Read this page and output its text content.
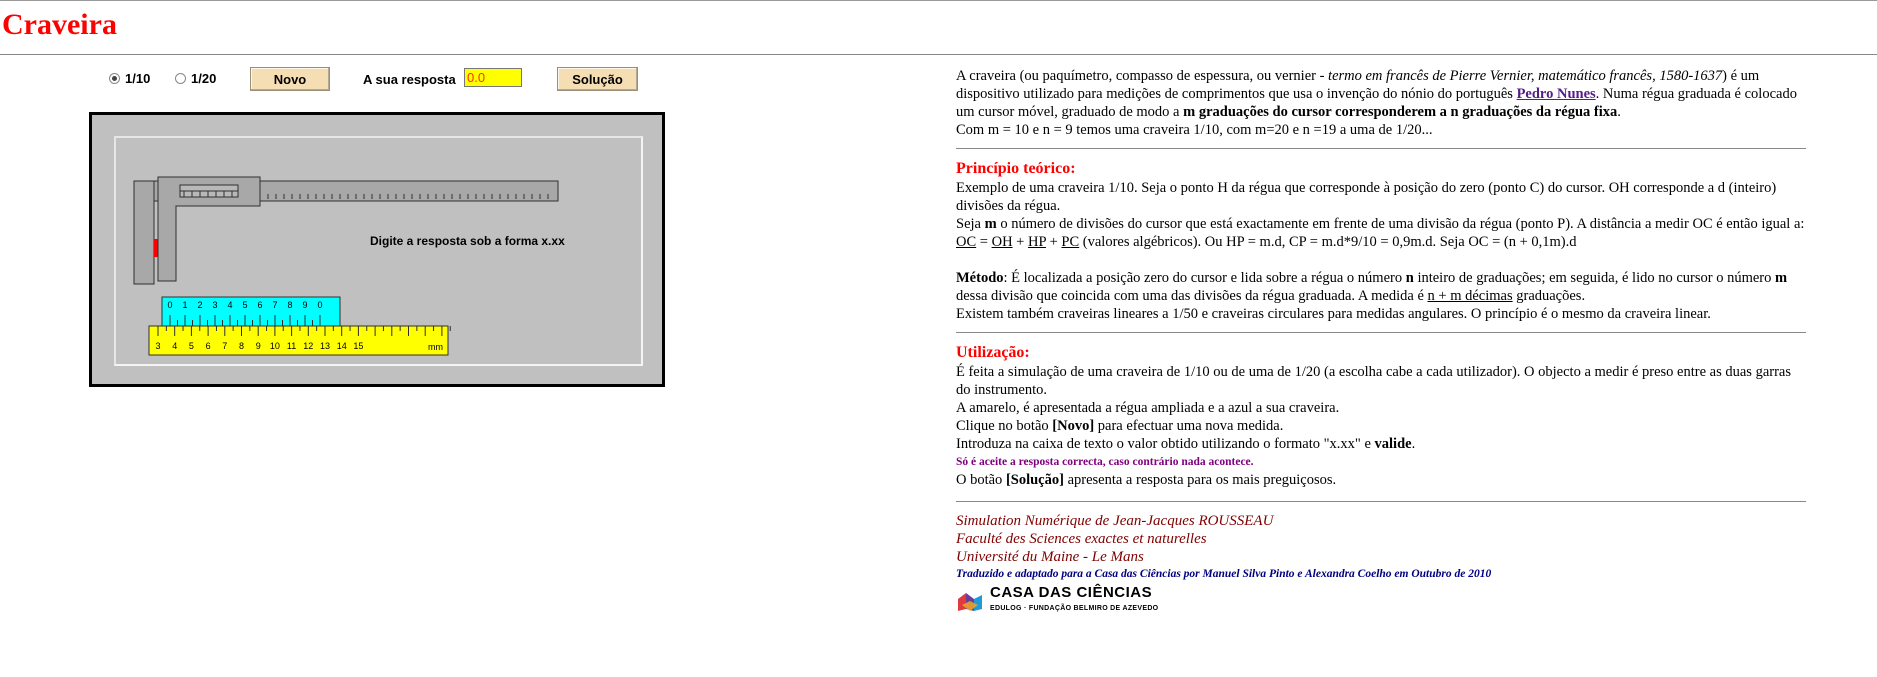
Craveira
1/10	1/20	Novo	A sua resposta
0.0	Solução
0 1 2 3 4 5 6 7 8 9 0
3 4 5 6 7 8 9 10 11 12 13 14 15	mm
Digite a resposta sob a forma x.xx

A craveira (ou paquímetro, compasso de espessura, ou vernier - termo em francês de Pierre Vernier, matemático francês, 1580-1637) é um dispositivo utilizado para medições de comprimentos que usa o invenção do nónio do português Pedro Nunes. Numa régua graduada é colocado um cursor móvel, graduado de modo a m graduações do cursor corresponderem a n graduações da régua fixa.

Com m = 10 e n = 9 temos uma craveira 1/10, com m=20 e n =19 a uma de 1/20...

Princípio teórico:

Exemplo de uma craveira 1/10. Seja o ponto H da régua que corresponde à posição do zero (ponto C) do cursor. OH corresponde a d (inteiro) divisões da régua.

Seja m o número de divisões do cursor que está exactamente em frente de uma divisão da régua (ponto P). A distância a medir OC é então igual a:

OC = OH + HP + PC (valores algébricos). Ou HP = m.d, CP = m.d*9/10 = 0,9m.d. Seja OC = (n + 0,1m).d

Método: É localizada a posição zero do cursor e lida sobre a régua o número n inteiro de graduações; em seguida, é lido no cursor o número m dessa divisão que coincida com uma das divisões da régua graduada. A medida é n + m décimas graduações.

Existem também craveiras lineares a 1/50 e craveiras circulares para medidas angulares. O princípio é o mesmo da craveira linear.

Utilização:

É feita a simulação de uma craveira de 1/10 ou de uma de 1/20 (a escolha cabe a cada utilizador). O objecto a medir é preso entre as duas garras do instrumento.

A amarelo, é apresentada a régua ampliada e a azul a sua craveira.

Clique no botão [Novo] para efectuar uma nova medida.

Introduza na caixa de texto o valor obtido utilizando o formato "x.xx" e valide.

Só é aceite a resposta correcta, caso contrário nada acontece.

O botão [Solução] apresenta a resposta para os mais preguiçosos.

Simulation Numérique de Jean-Jacques ROUSSEAU

Faculté des Sciences exactes et naturelles

Université du Maine - Le Mans

Traduzido e adaptado para a Casa das Ciências por Manuel Silva Pinto e Alexandra Coelho em Outubro de 2010

CASA DAS CIÊNCIAS
EDULOG · FUNDAÇÃO BELMIRO DE AZEVEDO
